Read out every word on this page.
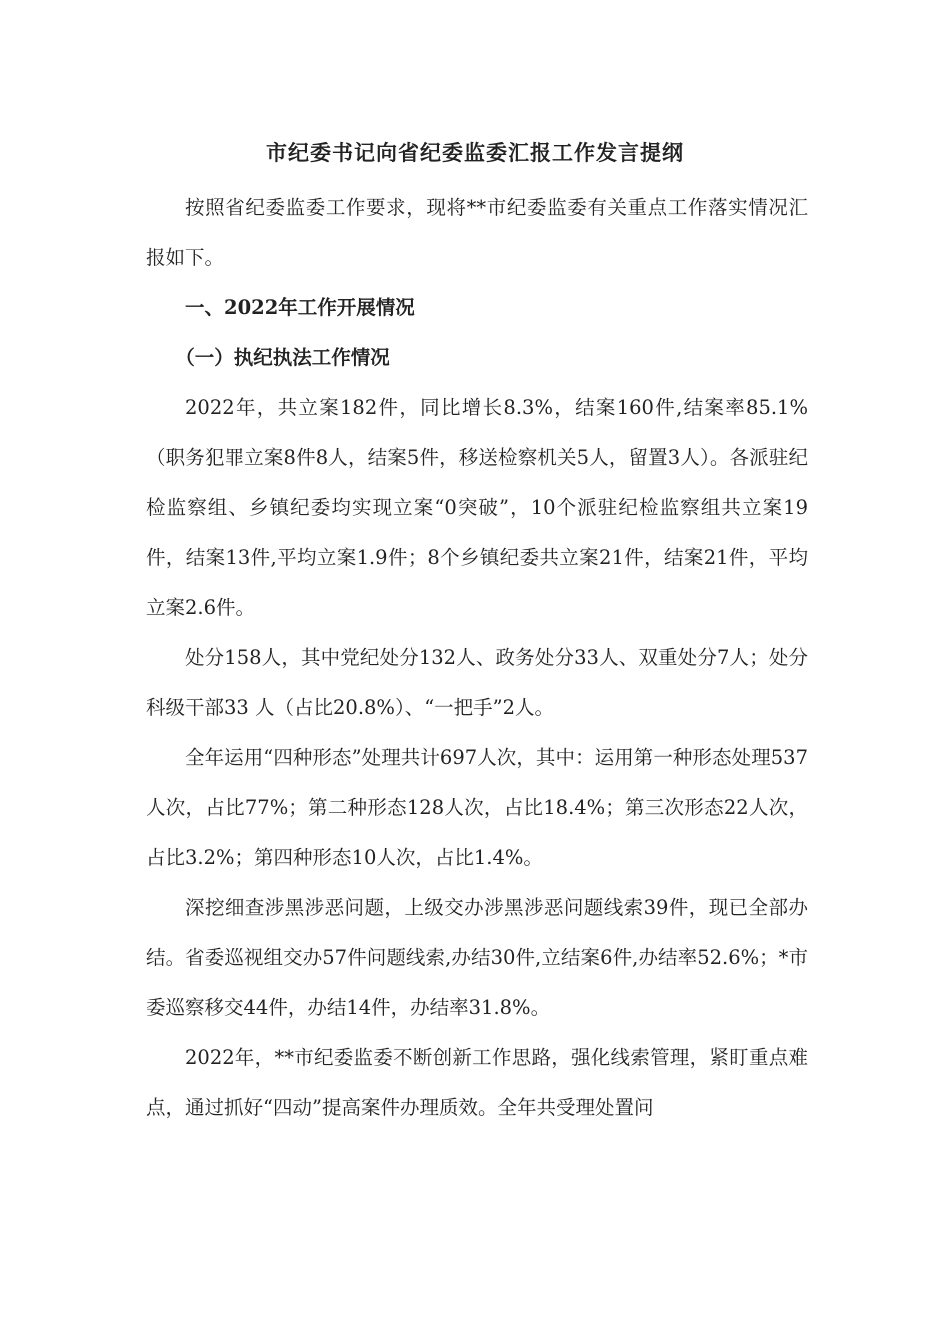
市纪委书记向省纪委监委汇报工作发言提纲

按照省纪委监委工作要求，现将**市纪委监委有关重点工作落实情况汇报如下。

一、2022年工作开展情况

（一）执纪执法工作情况

2022年，共立案182件，同比增长8.3%，结案160件,结案率85.1%（职务犯罪立案8件8人，结案5件，移送检察机关5人，留置3人）。各派驻纪检监察组、乡镇纪委均实现立案“0突破”，10个派驻纪检监察组共立案19件，结案13件,平均立案1.9件；8个乡镇纪委共立案21件，结案21件，平均立案2.6件。

处分158人，其中党纪处分132人、政务处分33人、双重处分7人；处分科级干部33 人（占比20.8%）、“一把手”2人。

全年运用“四种形态”处理共计697人次，其中：运用第一种形态处理537人次，占比77%；第二种形态128人次，占比18.4%；第三次形态22人次，占比3.2%；第四种形态10人次，占比1.4%。

深挖细查涉黑涉恶问题，上级交办涉黑涉恶问题线索39件，现已全部办结。省委巡视组交办57件问题线索,办结30件,立结案6件,办结率52.6%；*市委巡察移交44件，办结14件，办结率31.8%。

2022年，**市纪委监委不断创新工作思路，强化线索管理，紧盯重点难点，通过抓好“四动”提高案件办理质效。全年共受理处置问
